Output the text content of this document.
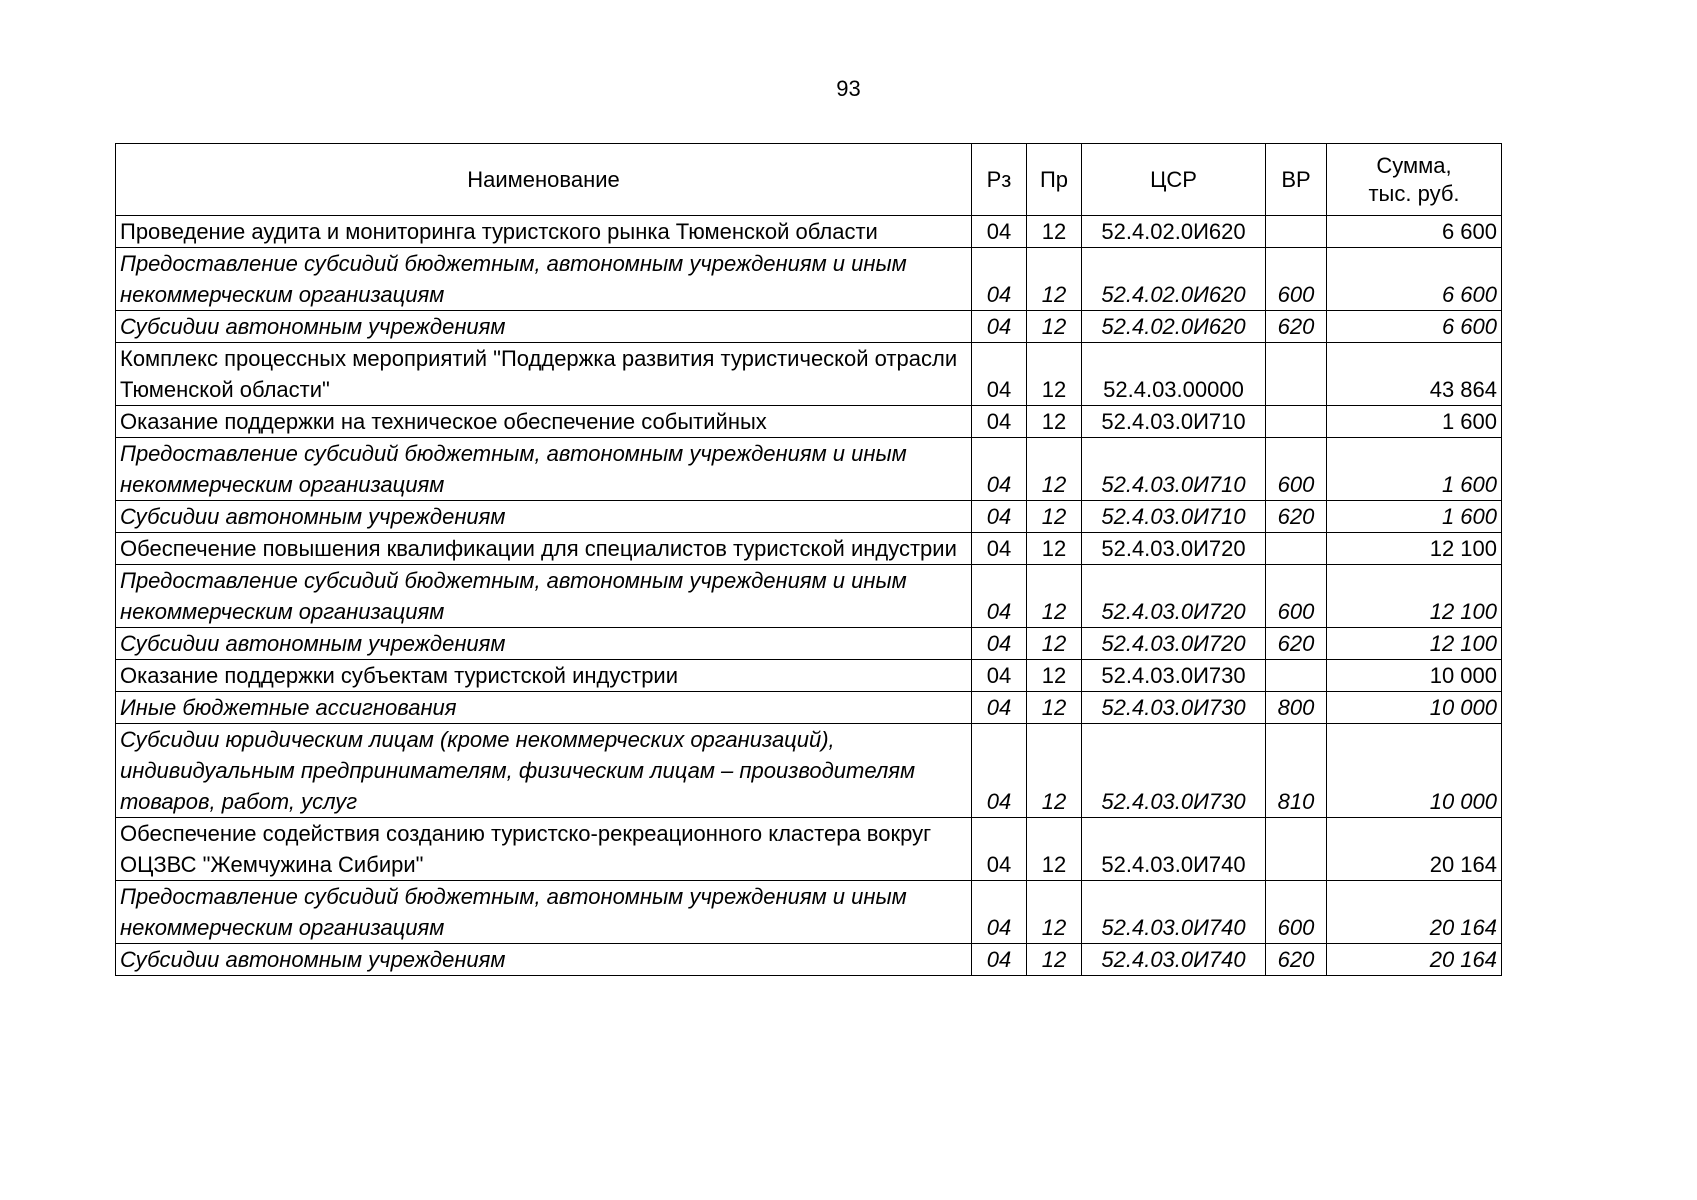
93
Наименование	Рз	Пр	ЦСР	ВР	Сумма,
тыс. руб.

Проведение аудита и мониторинга туристского рынка Тюменской области	04	12	52.4.02.0И620		6 600
Предоставление субсидий бюджетным, автономным учреждениям и иным некоммерческим организациям	04	12	52.4.02.0И620	600	6 600
Субсидии автономным учреждениям	04	12	52.4.02.0И620	620	6 600
Комплекс процессных мероприятий "Поддержка развития туристической отрасли Тюменской области"	04	12	52.4.03.00000		43 864
Оказание поддержки на техническое обеспечение событийных	04	12	52.4.03.0И710		1 600
Предоставление субсидий бюджетным, автономным учреждениям и иным некоммерческим организациям	04	12	52.4.03.0И710	600	1 600
Субсидии автономным учреждениям	04	12	52.4.03.0И710	620	1 600
Обеспечение повышения квалификации для специалистов туристской индустрии	04	12	52.4.03.0И720		12 100
Предоставление субсидий бюджетным, автономным учреждениям и иным некоммерческим организациям	04	12	52.4.03.0И720	600	12 100
Субсидии автономным учреждениям	04	12	52.4.03.0И720	620	12 100
Оказание поддержки субъектам туристской индустрии	04	12	52.4.03.0И730		10 000
Иные бюджетные ассигнования	04	12	52.4.03.0И730	800	10 000
Субсидии юридическим лицам (кроме некоммерческих организаций), индивидуальным предпринимателям, физическим лицам – производителям товаров, работ, услуг	04	12	52.4.03.0И730	810	10 000
Обеспечение содействия созданию туристско-рекреационного кластера вокруг ОЦЗВС "Жемчужина Сибири"	04	12	52.4.03.0И740		20 164
Предоставление субсидий бюджетным, автономным учреждениям и иным некоммерческим организациям	04	12	52.4.03.0И740	600	20 164
Субсидии автономным учреждениям	04	12	52.4.03.0И740	620	20 164
